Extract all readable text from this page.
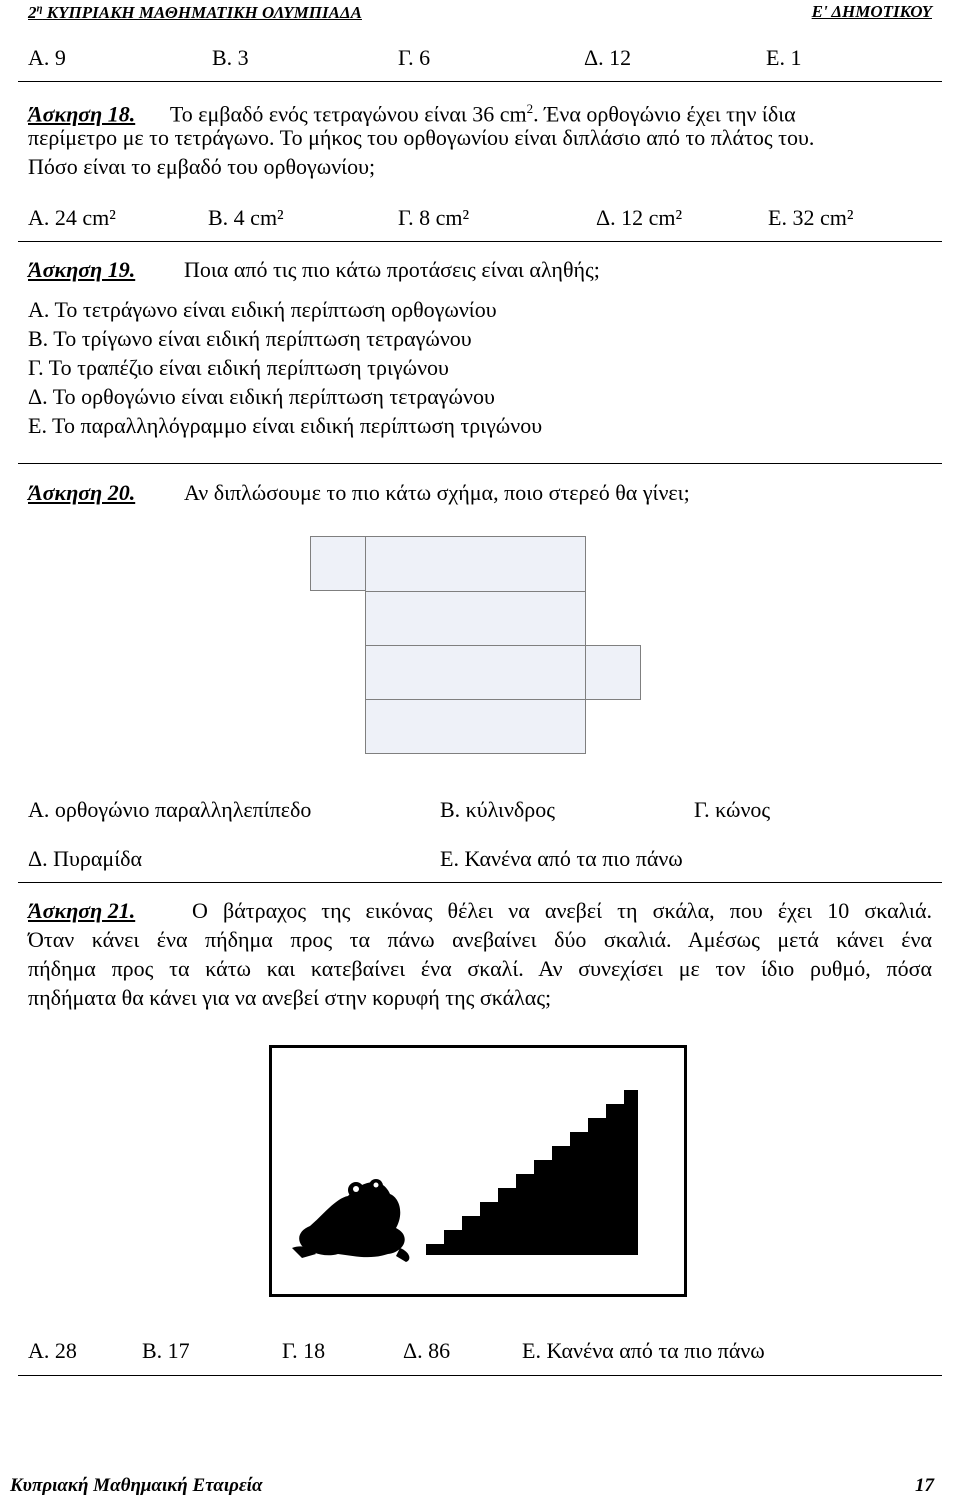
$2^\eta$ ΚΥΠΡΙΑΚΗ ΜΑΘΗΜΑΤΙΚΗ ΟΛΥΜΠΙΑΔΑ	Ε' ΔΗΜΟΤΙΚΟΥ
Α. 9	Β. 3	Γ. 6	Δ. 12	Ε. 1
Άσκηση 18. Το εμβαδό ενός τετραγώνου είναι 36 $cm^2$. Ένα ορθογώνιο έχει την ίδια
περίμετρο με το τετράγωνο. Το μήκος του ορθογωνίου είναι διπλάσιο από το πλάτος του.
Πόσο είναι το εμβαδό του ορθογωνίου;
Α. 24 cm²	Β. 4 cm²	Γ. 8 cm²	Δ. 12 cm²	Ε. 32 cm²
Άσκηση 19. Ποια από τις πιο κάτω προτάσεις είναι αληθής;
Α. Το τετράγωνο είναι ειδική περίπτωση ορθογωνίου
Β. Το τρίγωνο είναι ειδική περίπτωση τετραγώνου
Γ. Το τραπέζιο είναι ειδική περίπτωση τριγώνου
Δ. Το ορθογώνιο είναι ειδική περίπτωση τετραγώνου
Ε. Το παραλληλόγραμμο είναι ειδική περίπτωση τριγώνου
Άσκηση 20. Αν διπλώσουμε το πιο κάτω σχήμα, ποιο στερεό θα γίνει;
Α. ορθογώνιο παραλληλεπίπεδο	Β. κύλινδρος	Γ. κώνος
Δ. Πυραμίδα	Ε. Κανένα από τα πιο πάνω
Άσκηση 21.	Ο βάτραχος της εικόνας θέλει να ανεβεί τη σκάλα, που έχει 10 σκαλιά.
Όταν κάνει ένα πήδημα προς τα πάνω ανεβαίνει δύο σκαλιά. Αμέσως μετά κάνει ένα
πήδημα προς τα κάτω και κατεβαίνει ένα σκαλί. Αν συνεχίσει με τον ίδιο ρυθμό, πόσα
πηδήματα θα κάνει για να ανεβεί στην κορυφή της σκάλας;
Α. 28	Β. 17	Γ. 18	Δ. 86	Ε. Κανένα από τα πιο πάνω
Κυπριακή Μαθημαική Εταιρεία	17
